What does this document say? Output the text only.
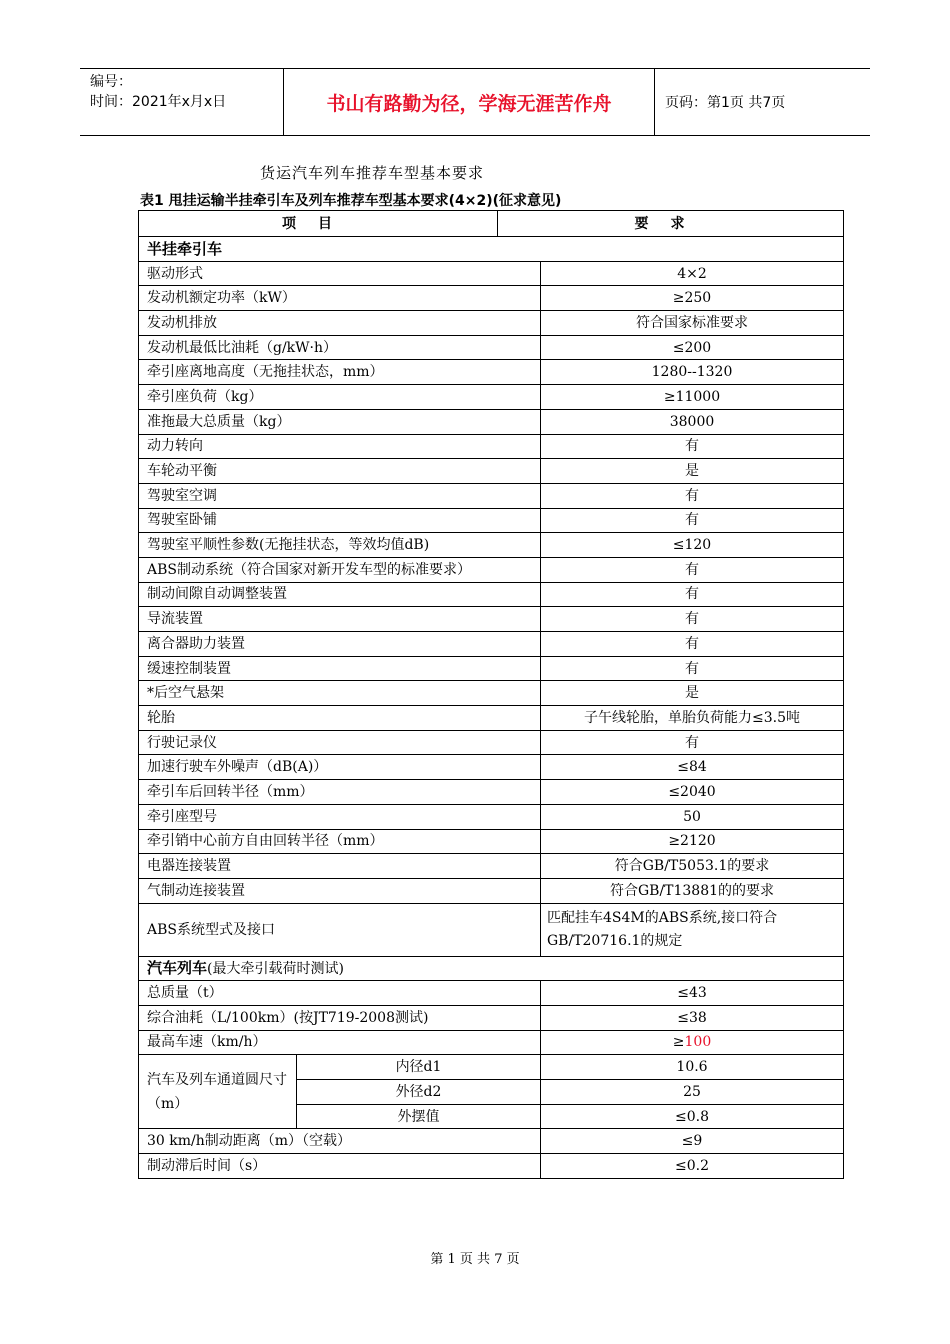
编号：
时间：2021年x月x日	书山有路勤为径，学海无涯苦作舟	页码：第1页 共7页
货运汽车列车推荐车型基本要求
表1 甩挂运输半挂牵引车及列车推荐车型基本要求(4×2)(征求意见)
项目 要求		

半挂牵引车		
驱动形式		4×2
发动机额定功率（kW）		≥250
发动机排放		符合国家标准要求
发动机最低比油耗（g/kW·h）		≤200
牵引座离地高度（无拖挂状态，mm）		1280--1320
牵引座负荷（kg）		≥11000
准拖最大总质量（kg）		38000
动力转向		有
车轮动平衡		是
驾驶室空调		有
驾驶室卧铺		有
驾驶室平顺性参数(无拖挂状态，等效均值dB)		≤120
ABS制动系统（符合国家对新开发车型的标准要求）		有
制动间隙自动调整装置		有
导流装置		有
离合器助力装置		有
缓速控制装置		有
*后空气悬架		是
轮胎		子午线轮胎，单胎负荷能力≤3.5吨
行驶记录仪		有
加速行驶车外噪声（dB(A)）		≤84
牵引车后回转半径（mm）		≤2040
牵引座型号		50
牵引销中心前方自由回转半径（mm）		≥2120
电器连接装置		符合GB/T5053.1的要求
气制动连接装置		符合GB/T13881的的要求
ABS系统型式及接口		匹配挂车4S4M的ABS系统,接口符合GB/T20716.1的规定
汽车列车(最大牵引载荷时测试)		
总质量（t）		≤43
综合油耗（L/100km）(按JT719-2008测试)		≤38
最高车速（km/h）		≥100
汽车及列车通道圆尺寸（m）	内径d1	10.6
	外径d2	25
	外摆值	≤0.8
30 km/h制动距离（m）（空载）		≤9
制动滞后时间（s）		≤0.2
第 1 页 共 7 页
